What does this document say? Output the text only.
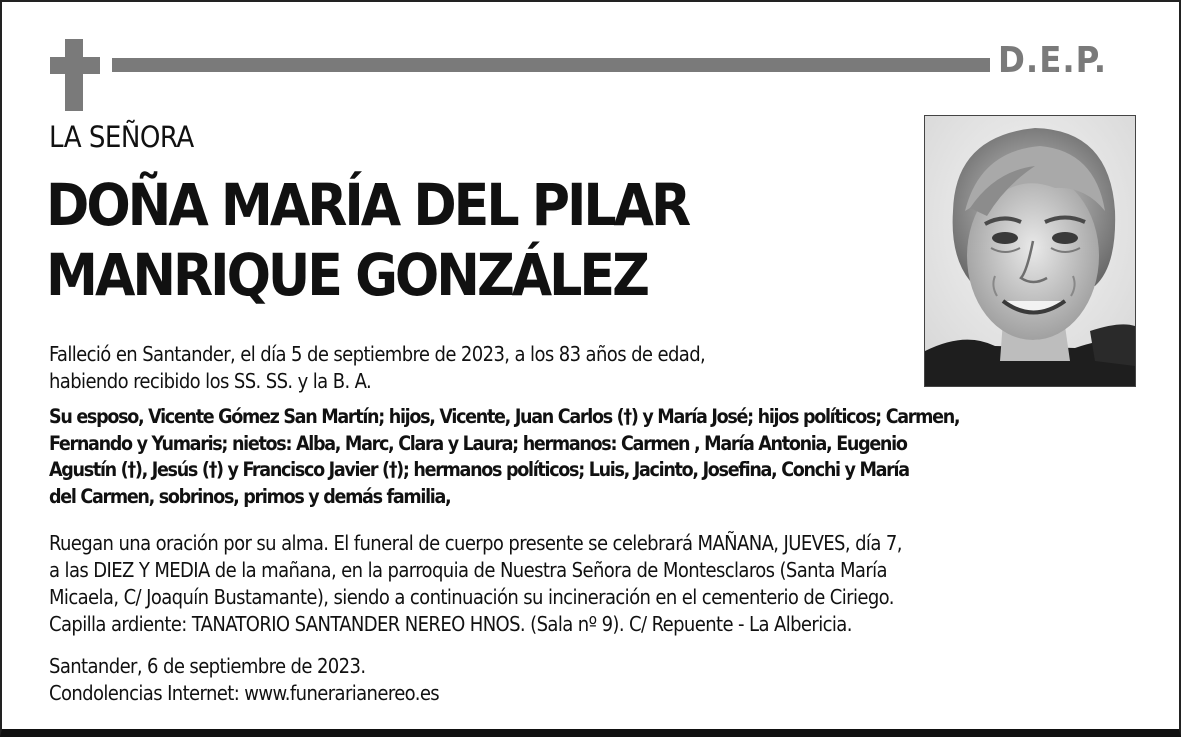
D.E.P.
LA SEÑORA
DOÑA MARÍA DEL PILAR
MANRIQUE GONZÁLEZ

Falleció en Santander, el día 5 de septiembre de 2023, a los 83 años de edad,
habiendo recibido los SS. SS. y la B. A.

Su esposo, Vicente Gómez San Martín; hijos, Vicente, Juan Carlos (†) y María José; hijos políticos; Carmen,
Fernando y Yumaris; nietos: Alba, Marc, Clara y Laura; hermanos: Carmen , María Antonia, Eugenio
Agustín (†), Jesús (†) y Francisco Javier (†); hermanos políticos; Luis, Jacinto, Josefina, Conchi y María
del Carmen, sobrinos, primos y demás familia,

Ruegan una oración por su alma. El funeral de cuerpo presente se celebrará MAÑANA, JUEVES, día 7,
a las DIEZ Y MEDIA de la mañana, en la parroquia de Nuestra Señora de Montesclaros (Santa María
Micaela, C/ Joaquín Bustamante), siendo a continuación su incineración en el cementerio de Ciriego.
Capilla ardiente: TANATORIO SANTANDER NEREO HNOS. (Sala nº 9). C/ Repuente - La Albericia.

Santander, 6 de septiembre de 2023.
Condolencias Internet: www.funerarianereo.es
